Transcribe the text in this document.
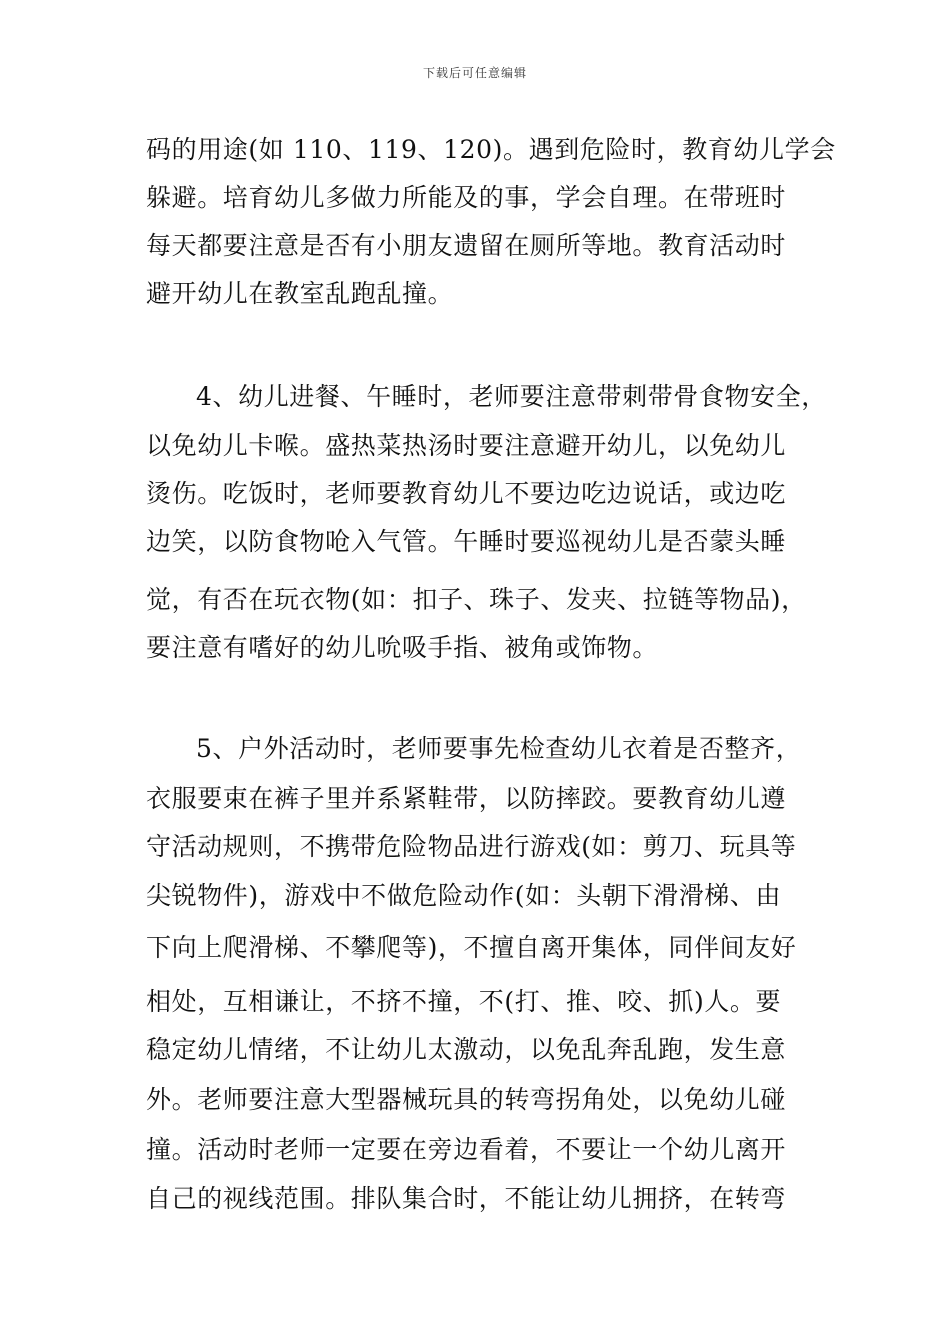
下载后可任意编辑
码的用途(如 110、119、120)。遇到危险时，教育幼儿学会
躲避。培育幼儿多做力所能及的事，学会自理。在带班时
每天都要注意是否有小朋友遗留在厕所等地。教育活动时
避开幼儿在教室乱跑乱撞。
4、幼儿进餐、午睡时，老师要注意带刺带骨食物安全，
以免幼儿卡喉。盛热菜热汤时要注意避开幼儿，以免幼儿
烫伤。吃饭时，老师要教育幼儿不要边吃边说话，或边吃
边笑，以防食物呛入气管。午睡时要巡视幼儿是否蒙头睡
觉，有否在玩衣物(如：扣子、珠子、发夹、拉链等物品)，
要注意有嗜好的幼儿吮吸手指、被角或饰物。
5、户外活动时，老师要事先检查幼儿衣着是否整齐，
衣服要束在裤子里并系紧鞋带，以防摔跤。要教育幼儿遵
守活动规则，不携带危险物品进行游戏(如：剪刀、玩具等
尖锐物件)，游戏中不做危险动作(如：头朝下滑滑梯、由
下向上爬滑梯、不攀爬等)，不擅自离开集体，同伴间友好
相处，互相谦让，不挤不撞，不(打、推、咬、抓)人。要
稳定幼儿情绪，不让幼儿太激动，以免乱奔乱跑，发生意
外。老师要注意大型器械玩具的转弯拐角处，以免幼儿碰
撞。活动时老师一定要在旁边看着，不要让一个幼儿离开
自己的视线范围。排队集合时，不能让幼儿拥挤，在转弯
